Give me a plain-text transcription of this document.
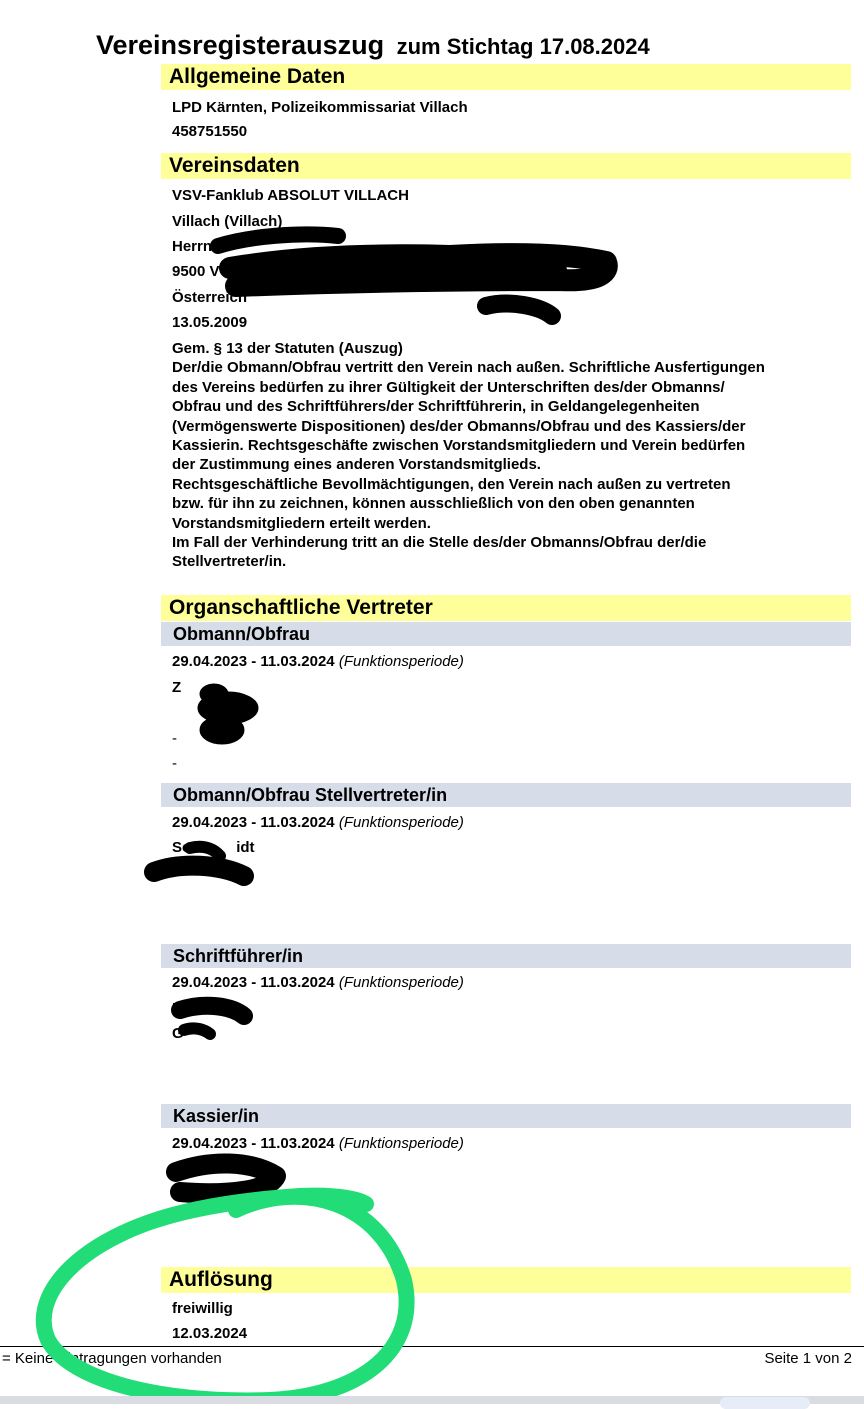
Vereinsregisterauszug zum Stichtag 17.08.2024
Allgemeine Daten
LPD Kärnten, Polizeikommissariat Villach
458751550
Vereinsdaten
VSV-Fanklub ABSOLUT VILLACH
Villach (Villach)
Herrn M
9500 V
Österreich
13.05.2009

Gem. § 13 der Statuten (Auszug)

Der/die Obmann/Obfrau vertritt den Verein nach außen. Schriftliche Ausfertigungen

des Vereins bedürfen zu ihrer Gültigkeit der Unterschriften des/der Obmanns/

Obfrau und des Schriftführers/der Schriftführerin, in Geldangelegenheiten

(Vermögenswerte Dispositionen) des/der Obmanns/Obfrau und des Kassiers/der

Kassierin. Rechtsgeschäfte zwischen Vorstandsmitgliedern und Verein bedürfen

der Zustimmung eines anderen Vorstandsmitglieds.

Rechtsgeschäftliche Bevollmächtigungen, den Verein nach außen zu vertreten

bzw. für ihn zu zeichnen, können ausschließlich von den oben genannten

Vorstandsmitgliedern erteilt werden.

Im Fall der Verhinderung tritt an die Stelle des/der Obmanns/Obfrau der/die

Stellvertreter/in.

Organschaftliche Vertreter
Obmann/Obfrau
29.04.2023 - 11.03.2024 (Funktionsperiode)
Z
-
-
Obmann/Obfrau Stellvertreter/in
29.04.2023 - 11.03.2024 (Funktionsperiode)
Sc           idt
Schriftführer/in
29.04.2023 - 11.03.2024 (Funktionsperiode)
L
G     o
Kassier/in
29.04.2023 - 11.03.2024 (Funktionsperiode)
Auflösung
freiwillig
12.03.2024
= Keine Eintragungen vorhanden	Seite 1 von 2
